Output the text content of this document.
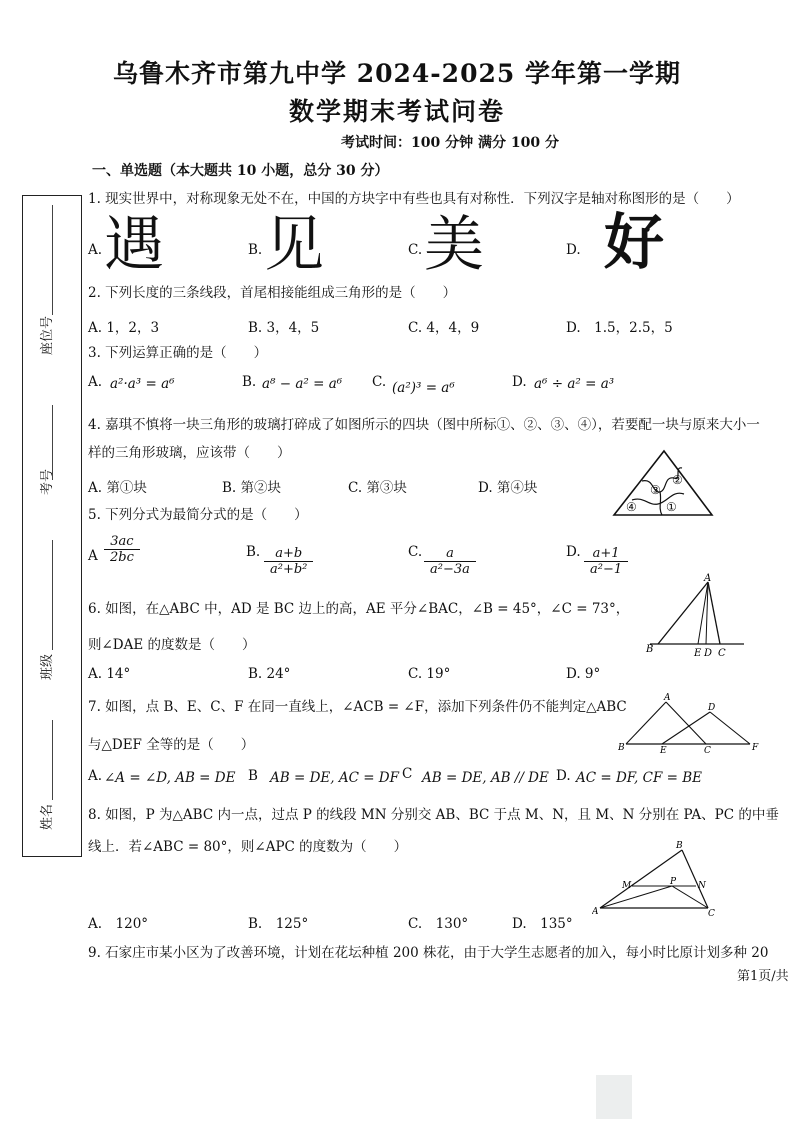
乌鲁木齐市第九中学 2024-2025 学年第一学期
数学期末考试问卷
考试时间：100 分钟 满分 100 分
一、单选题（本大题共 10 小题，总分 30 分）
座位号
考号
班级
姓名
1. 现实世界中，对称现象无处不在，中国的方块字中有些也具有对称性．下列汉字是轴对称图形的是（　　）
A. 遇	B. 见	C. 美	D. 好
2. 下列长度的三条线段，首尾相接能组成三角形的是（　　）
A. 1，2，3	B. 3，4，5	C. 4，4，9	D.　1.5，2.5，5
3. 下列运算正确的是（　　）
A. a²·a³ = a⁶	B. a⁸ − a² = a⁶ C. (a²)³ = a⁶	D. a⁶ ÷ a² = a³
4. 嘉琪不慎将一块三角形的玻璃打碎成了如图所示的四块（图中所标①、②、③、④），若要配一块与原来大小一
样的三角形玻璃，应该带（　　）
A. 第①块	B. 第②块	C. 第③块	D. 第④块
①
②
③
④
5. 下列分式为最简分式的是（　　）
A $\frac{3ac}{2bc}$	B. $\frac{a+b}{\text{a²+b²}}$	C. $\frac{a}{\text{a²−3a}}$	D. $\frac{a+1}{\text{a²−1}}$
6. 如图，在△ABC 中，AD 是 BC 边上的高，AE 平分∠BAC，∠B = 45°，∠C = 73°，
则∠DAE 的度数是（　　）
A. 14°	B. 24°	C. 19°	D. 9°
A
B	C
E D
7. 如图，点 B、E、C、F 在同一直线上，∠ACB = ∠F，添加下列条件仍不能判定△ABC
与△DEF 全等的是（　　）
A. ∠A = ∠D, AB = DE B AB = DE, AC = DF C AB = DE, AB // DE D. AC = DF, CF = BE
A
B	E	C	F
D
8. 如图，P 为△ABC 内一点，过点 P 的线段 MN 分别交 AB、BC 于点 M、N，且 M、N 分别在 PA、PC 的中垂
线上．若∠ABC = 80°，则∠APC 的度数为（　　）
A.　120°	B.　125°	C.　130°	D.　135°
B
M	P N
A	C
9. 石家庄市某小区为了改善环境，计划在花坛种植 200 株花，由于大学生志愿者的加入，每小时比原计划多种 20
第1页/共
